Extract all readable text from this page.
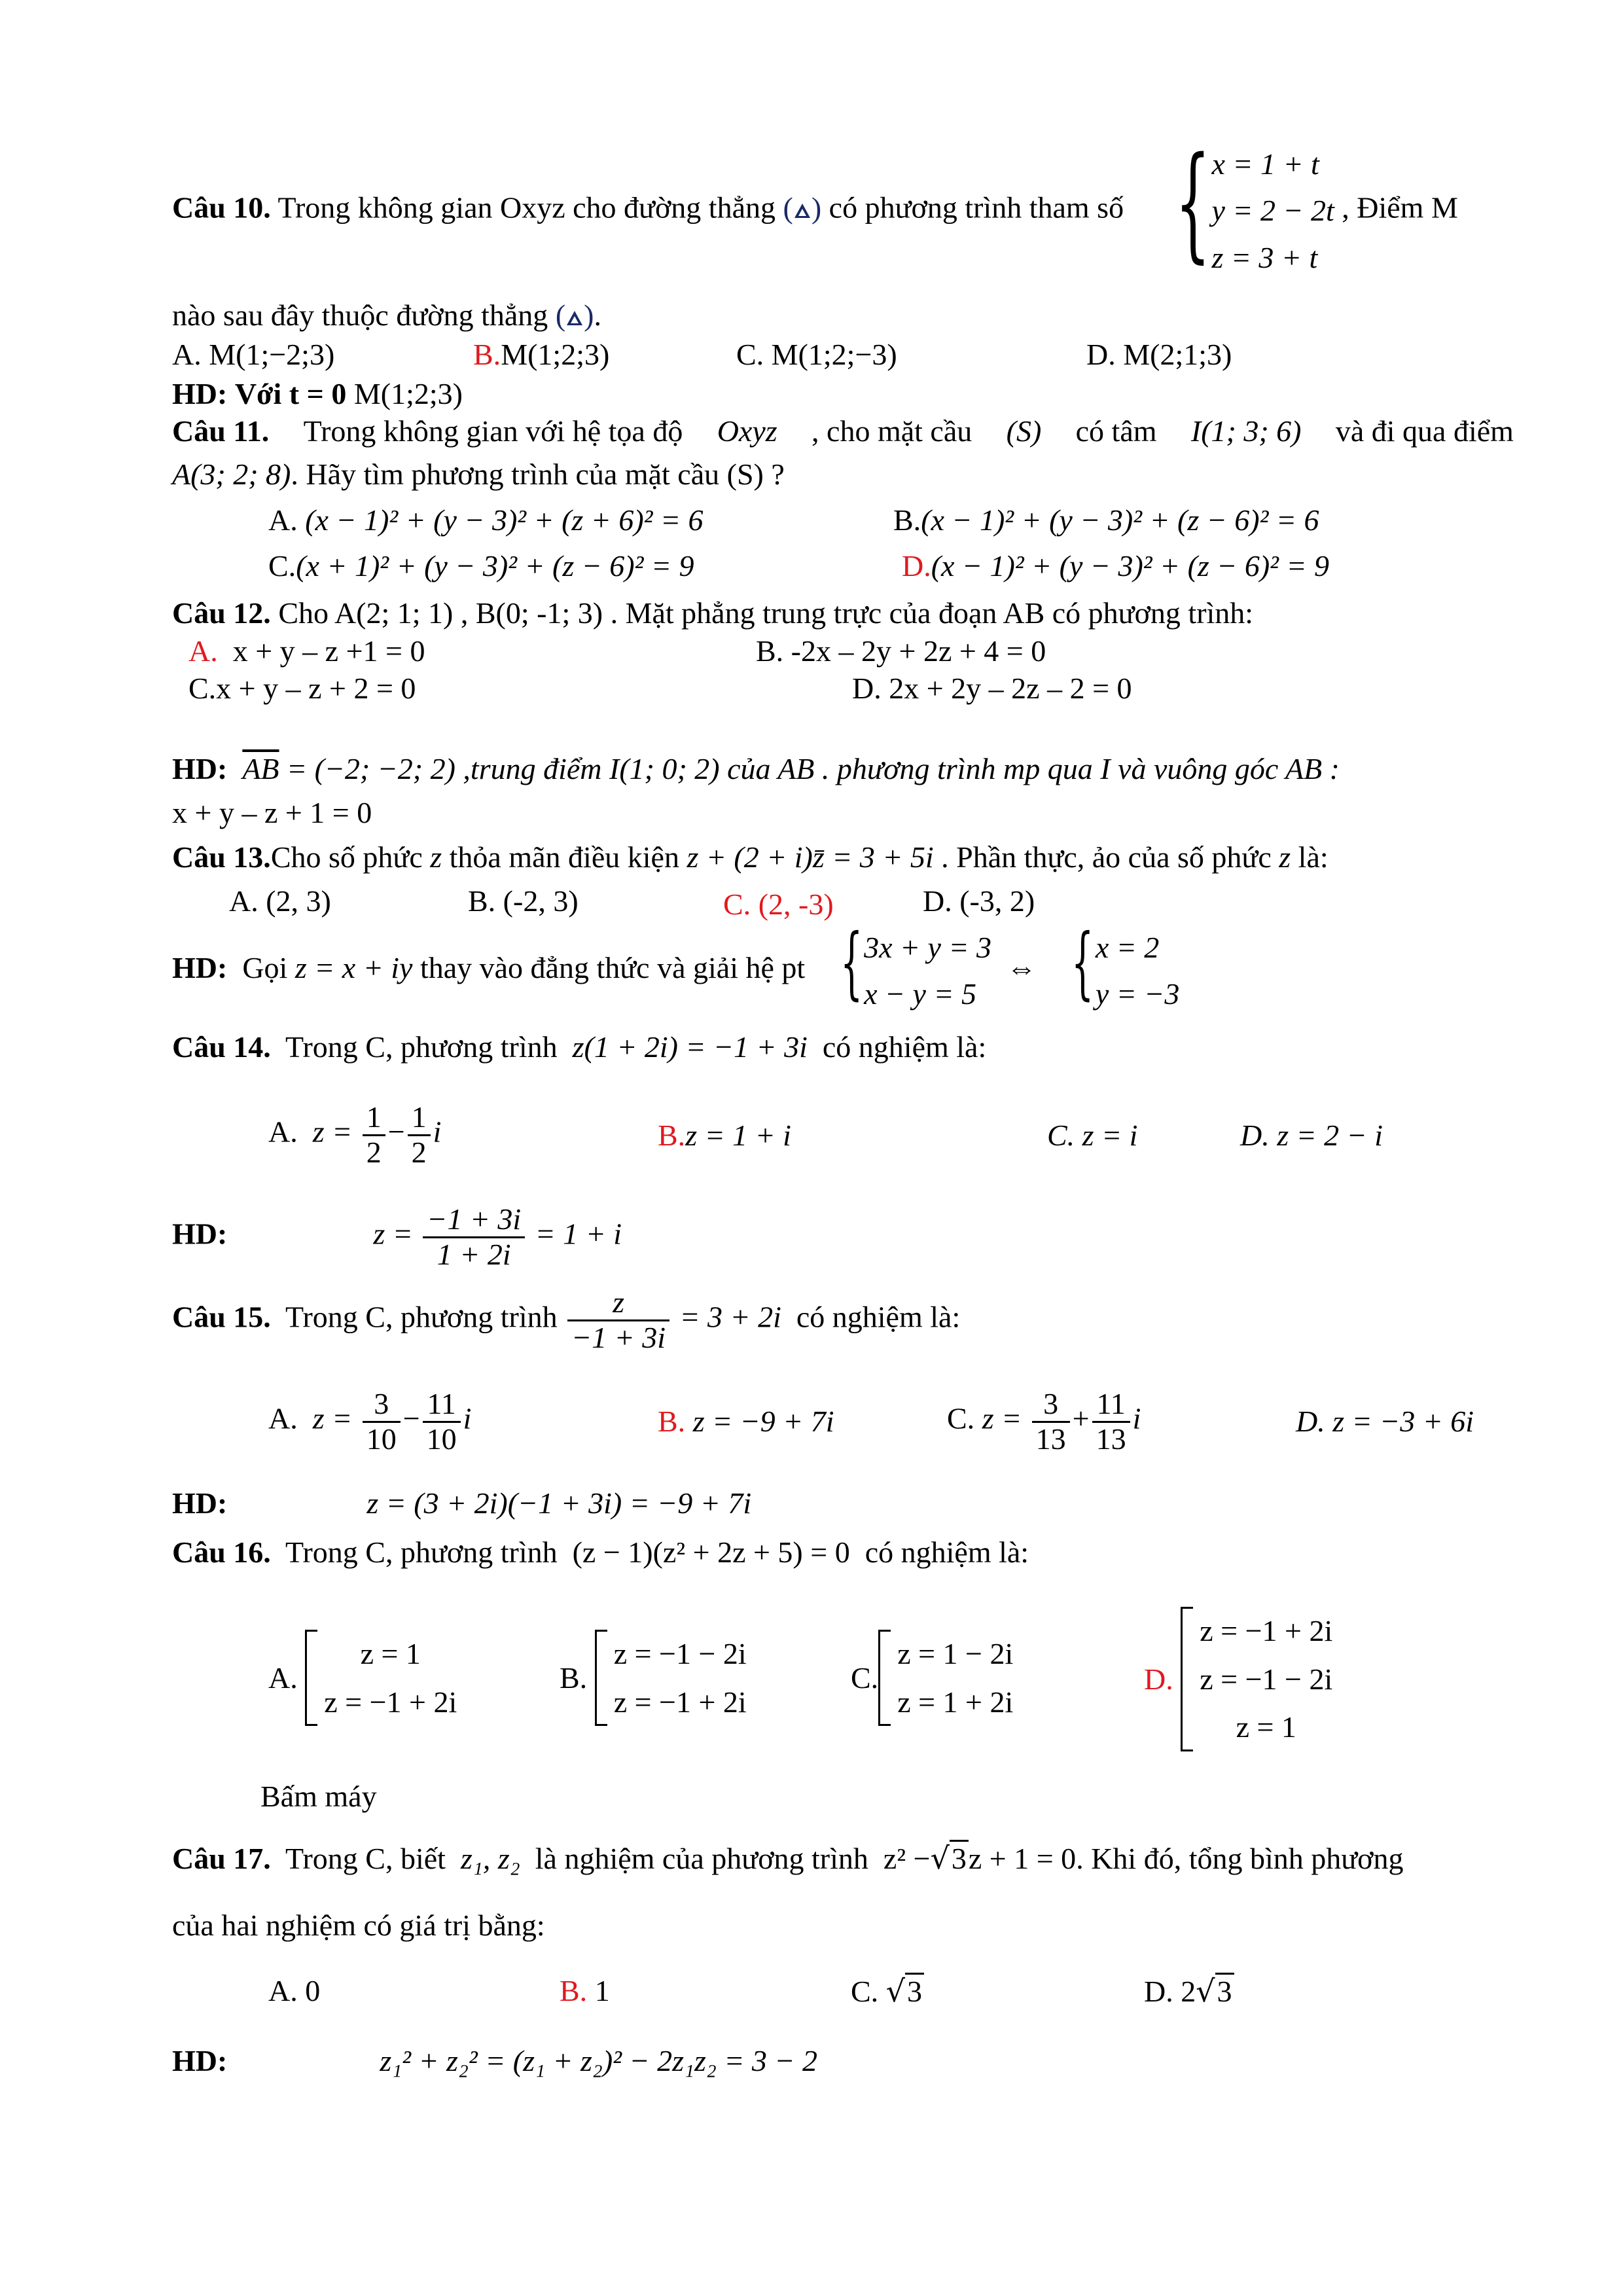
Câu 10. Trong không gian Oxyz cho đường thẳng ( ) có phương trình tham số { x = 1 + t
y = 2 − 2t
z = 3 + t
, Điểm M
nào sau đây thuộc đường thẳng ( ).
A. M(1;−2;3)	B.M(1;2;3)	C. M(1;2;−3)	D. M(2;1;3)
HD: Với t = 0 M(1;2;3)
Câu 11. Trong không gian với hệ tọa độ Oxyz , cho mặt cầu (S) có tâm I(1; 3; 6) và đi qua điểm
A(3; 2; 8). Hãy tìm phương trình của mặt cầu (S) ?
A. (x − 1)² + (y − 3)² + (z + 6)² = 6	B.(x − 1)² + (y − 3)² + (z − 6)² = 6
C.(x + 1)² + (y − 3)² + (z − 6)² = 9	D.(x − 1)² + (y − 3)² + (z − 6)² = 9
Câu 12. Cho A(2; 1; 1) , B(0; -1; 3) . Mặt phẳng trung trực của đoạn AB có phương trình:
A. x + y – z +1 = 0	B. -2x – 2y + 2z + 4 = 0
C.x + y – z + 2 = 0	D. 2x + 2y – 2z – 2 = 0
HD: $\overline{AB} = (-2$; −2; 2) ,trung điểm I(1; 0; 2) của AB . phương trình mp qua I và vuông góc AB :
x + y – z + 1 = 0
Câu 13.Cho số phức z thỏa mãn điều kiện z + (2 + i)z̄ = 3 + 5i . Phần thực, ảo của số phức z là:
A. (2, 3)	B. (-2, 3)	C. (2, -3)	D. (-3, 2)
HD: Gọi z = x + iy thay vào đẳng thức và giải hệ pt { 3x + y = 3
x − y = 5
⇔ { x = 2
y = −3
Câu 14. Trong C, phương trình z(1 + 2i) = −1 + 3i có nghiệm là:
A. $z = \frac{1}{2} - \frac{1}{2}$ i	B.z = 1 + i	C. z = i	D. z = 2 − i
HD:	$z = \frac{-1 + 3i}{1 + 2i} = 1 + i$
Câu 15. Trong C, phương trình $\frac{z}{-1 + 3i} = 3 + 2i$ có nghiệm là:
A. $z = \frac{3}{10} - \frac{11}{10}$ i	B. z = −9 + 7i	C. $z = \frac{3}{13} + \frac{11}{13}$ i	D. z = −3 + 6i
HD:	z = (3 + 2i)(−1 + 3i) = −9 + 7i
Câu 16. Trong C, phương trình (z − 1)(z² + 2z + 5) = 0 có nghiệm là:
A.
z = 1
z = −1 + 2i
B.
z = −1 − 2i
z = −1 + 2i
C.
z = 1 − 2i
z = 1 + 2i
D.
z = −1 + 2i
z = −1 − 2i
z = 1
Bấm máy
Câu 17. Trong C, biết z₁, z₂ là nghiệm của phương trình z² −√3z + 1 = 0. Khi đó, tổng bình phương
của hai nghiệm có giá trị bằng:
A. 0	B. 1	C. √3	D. 2√3
HD:	z₁² + z₂² = (z₁ + z₂)² − 2z₁z₂ = 3 − 2
